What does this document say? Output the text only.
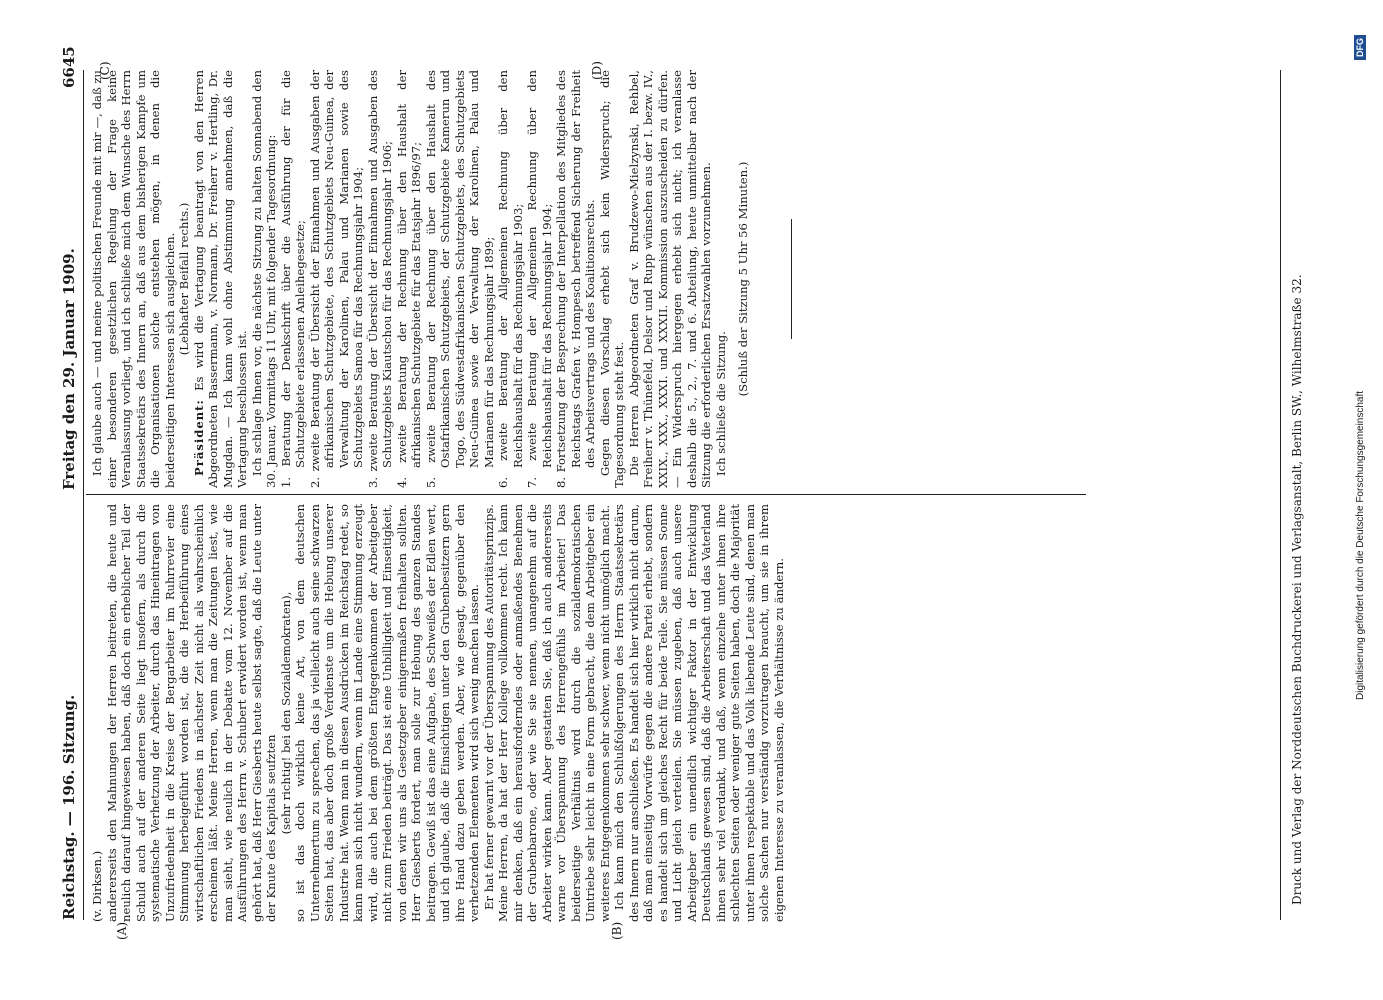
Reichstag. — 196. Sitzung.
Freitag den 29. Januar 1909.
6645
(A)	(B)
(C)	(D)

(v. Dirksen.) andererseits den Mahnungen der Herren beitreten, die heute und neulich darauf hingewiesen haben, daß doch ein erheblicher Teil der Schuld auch auf der anderen Seite liegt insofern, als durch die systematische Verhetzung der Arbeiter, durch das Hineintragen von Unzufriedenheit in die Kreise der Bergarbeiter im Ruhrrevier eine Stimmung herbeigeführt worden ist, die die Herbeiführung eines wirtschaftlichen Friedens in nächster Zeit nicht als wahrscheinlich erscheinen läßt. Meine Herren, wenn man die Zeitungen liest, wie man sieht, wie neulich in der Debatte vom 12. November auf die Ausführungen des Herrn v. Schubert erwidert worden ist, wenn man gehört hat, daß Herr Giesberts heute selbst sagte, daß die Leute unter der Knute des Kapitals seufzten (sehr richtig! bei den Sozialdemokraten), so ist das doch wirklich keine Art, von dem deutschen Unternehmertum zu sprechen, das ja vielleicht auch seine schwarzen Seiten hat, das aber doch große Verdienste um die Hebung unserer Industrie hat. Wenn man in diesen Ausdrücken im Reichstag redet, so kann man sich nicht wundern, wenn im Lande eine Stimmung erzeugt wird, die auch bei dem größten Entgegenkommen der Arbeitgeber nicht zum Frieden beiträgt. Das ist eine Unbilligkeit und Einseitigkeit, von denen wir uns als Gesetzgeber einigermaßen freihalten sollten. Herr Giesberts fordert, man solle zur Hebung des ganzen Standes beitragen. Gewiß ist das eine Aufgabe, des Schweißes der Edlen wert, und ich glaube, daß die Einsichtigen unter den Grubenbesitzern gern ihre Hand dazu geben werden. Aber, wie gesagt, gegenüber den verhetzenden Elementen wird sich wenig machen lassen. Er hat ferner gewarnt vor der Überspannung des Autoritätsprinzips. Meine Herren, da hat der Herr Kollege vollkommen recht. Ich kann mir denken, daß ein herausforderndes oder anmaßendes Benehmen der Grubenbarone, oder wie Sie sie nennen, unangenehm auf die Arbeiter wirken kann. Aber gestatten Sie, daß ich auch andererseits warne vor Überspannung des Herrengefühls im Arbeiter! Das beiderseitige Verhältnis wird durch die sozialdemokratischen Umtriebe sehr leicht in eine Form gebracht, die dem Arbeitgeber ein weiteres Entgegenkommen sehr schwer, wenn nicht unmöglich macht. Ich kann mich den Schlußfolgerungen des Herrn Staatssekretärs des Innern nur anschließen. Es handelt sich hier wirklich nicht darum, daß man einseitig Vorwürfe gegen die andere Partei erhebt, sondern es handelt sich um gleiches Recht für beide Teile. Sie müssen Sonne und Licht gleich verteilen. Sie müssen zugeben, daß auch unsere Arbeitgeber ein unendlich wichtiger Faktor in der Entwicklung Deutschlands gewesen sind, daß die Arbeiterschaft und das Vaterland ihnen sehr viel verdankt, und daß, wenn einzelne unter ihnen ihre schlechten Seiten oder weniger gute Seiten haben, doch die Majorität unter ihnen respektable und das Volk liebende Leute sind, denen man solche Sachen nur verständig vorzutragen braucht, um sie in ihrem eigenen Interesse zu veranlassen, die Verhältnisse zu ändern.

Ich glaube auch — und meine politischen Freunde mit mir —, daß zu einer besonderen gesetzlichen Regelung der Frage keine Veranlassung vorliegt, und ich schließe mich dem Wunsche des Herrn Staatssekretärs des Innern an, daß aus dem bisherigen Kampfe um die Organisationen solche entstehen mögen, in denen die beiderseitigen Interessen sich ausgleichen. (Lebhafter Beifall rechts.)

Präsident: Es wird die Vertagung beantragt von den Herren Abgeordneten Bassermann, v. Normann, Dr. Freiherr v. Hertling, Dr. Mugdan. — Ich kann wohl ohne Abstimmung annehmen, daß die Vertagung beschlossen ist. Ich schlage Ihnen vor, die nächste Sitzung zu halten Sonnabend den 30. Januar, Vormittags 11 Uhr, mit folgender Tagesordnung: 1. Beratung der Denkschrift über die Ausführung der für die Schutzgebiete erlassenen Anleihegesetze; 2. zweite Beratung der Übersicht der Einnahmen und Ausgaben der afrikanischen Schutzgebiete, des Schutzgebiets Neu-Guinea, der Verwaltung der Karolinen, Palau und Marianen sowie des Schutzgebiets Samoa für das Rechnungsjahr 1904; 3. zweite Beratung der Übersicht der Einnahmen und Ausgaben des Schutzgebiets Kiautschou für das Rechnungsjahr 1906; 4. zweite Beratung der Rechnung über den Haushalt der afrikanischen Schutzgebiete für das Etatsjahr 1896/97; 5. zweite Beratung der Rechnung über den Haushalt des Ostafrikanischen Schutzgebiets, der Schutzgebiete Kamerun und Togo, des Südwestafrikanischen Schutzgebiets, des Schutzgebiets Neu-Guinea sowie der Verwaltung der Karolinen, Palau und Marianen für das Rechnungsjahr 1899; 6. zweite Beratung der Allgemeinen Rechnung über den Reichshaushalt für das Rechnungsjahr 1903; 7. zweite Beratung der Allgemeinen Rechnung über den Reichshaushalt für das Rechnungsjahr 1904; 8. Fortsetzung der Besprechung der Interpellation des Mitgliedes des Reichstags Grafen v. Hompesch betreffend Sicherung der Freiheit des Arbeitsvertrags und des Koalitionsrechts. Gegen diesen Vorschlag erhebt sich kein Widerspruch; die Tagesordnung steht fest. Die Herren Abgeordneten Graf v. Brudzewo-Mielzynski, Rehbel, Freiherr v. Thünefeld, Delsor und Rupp wünschen aus der I. bezw. IV., XXIX., XXX., XXXI. und XXXII. Kommission auszuscheiden zu dürfen. — Ein Widerspruch hiergegen erhebt sich nicht; ich veranlasse deshalb die 5., 2., 7. und 6. Abteilung, heute unmittelbar nach der Sitzung die erforderlichen Ersatzwahlen vorzunehmen. Ich schließe die Sitzung.

(Schluß der Sitzung 5 Uhr 56 Minuten.)	Druck und Verlag der Norddeutschen Buchdruckerei und Verlagsanstalt, Berlin SW., Wilhelmstraße 32.	Digitalisierung gefördert durch die Deutsche Forschungsgemeinschaft
DFG
